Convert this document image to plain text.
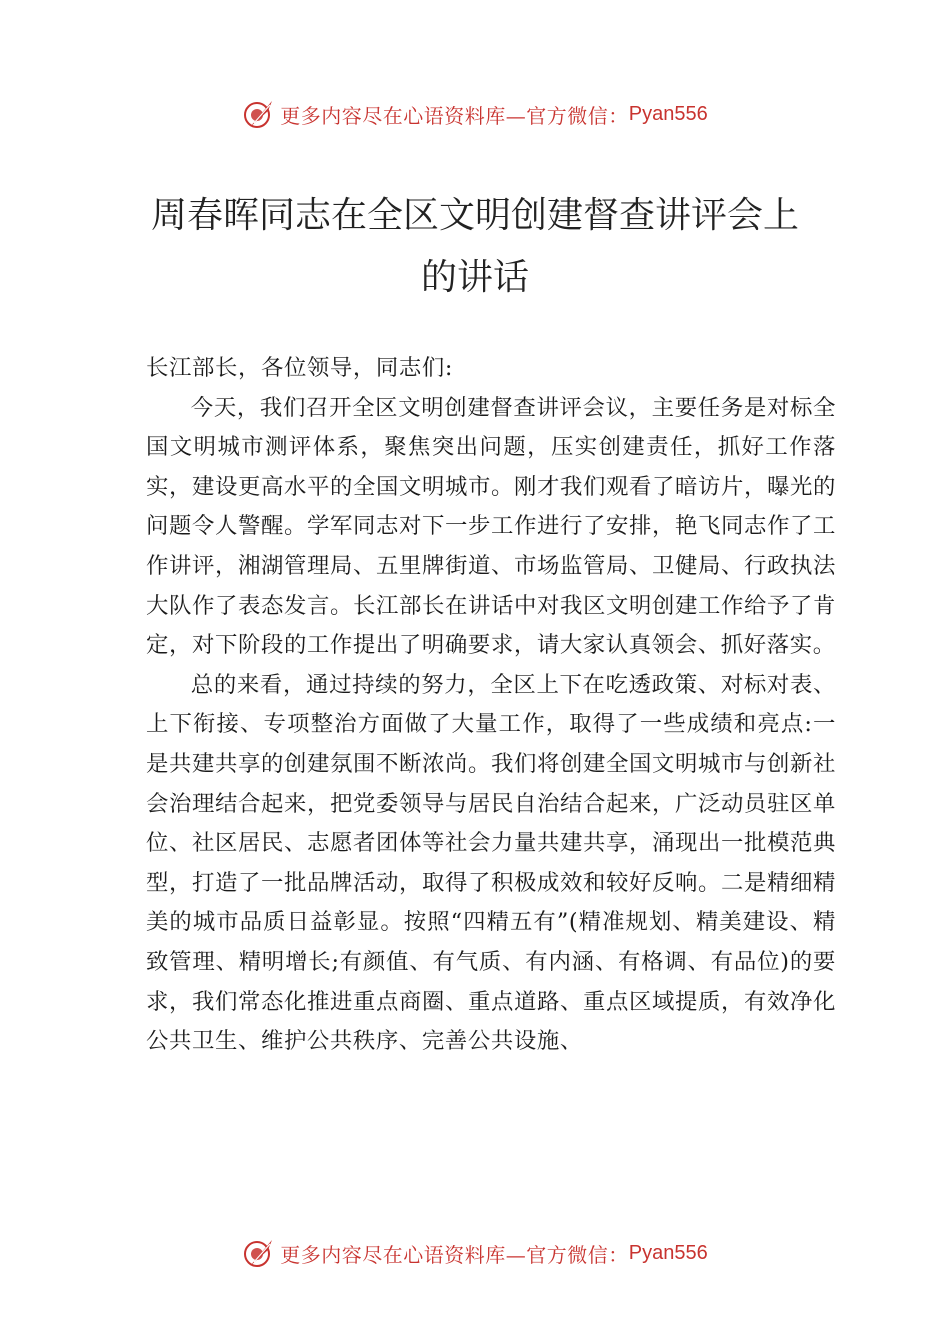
更多内容尽在心语资料库—官方微信： Pyan556
周春晖同志在全区文明创建督查讲评会上
的讲话

长江部长，各位领导，同志们:

今天，我们召开全区文明创建督查讲评会议，主要任务是对标全国文明城市测评体系，聚焦突出问题，压实创建责任，抓好工作落实，建设更高水平的全国文明城市。刚才我们观看了暗访片，曝光的问题令人警醒。学军同志对下一步工作进行了安排，艳飞同志作了工作讲评，湘湖管理局、五里牌街道、市场监管局、卫健局、行政执法大队作了表态发言。长江部长在讲话中对我区文明创建工作给予了肯定，对下阶段的工作提出了明确要求，请大家认真领会、抓好落实。

总的来看，通过持续的努力，全区上下在吃透政策、对标对表、上下衔接、专项整治方面做了大量工作，取得了一些成绩和亮点:一是共建共享的创建氛围不断浓尚。我们将创建全国文明城市与创新社会治理结合起来，把党委领导与居民自治结合起来，广泛动员驻区单位、社区居民、志愿者团体等社会力量共建共享，涌现出一批模范典型，打造了一批品牌活动，取得了积极成效和较好反响。二是精细精美的城市品质日益彰显。按照“四精五有”(精准规划、精美建设、精致管理、精明增长;有颜值、有气质、有内涵、有格调、有品位)的要求，我们常态化推进重点商圈、重点道路、重点区域提质，有效净化公共卫生、维护公共秩序、完善公共设施、

更多内容尽在心语资料库—官方微信： Pyan556
